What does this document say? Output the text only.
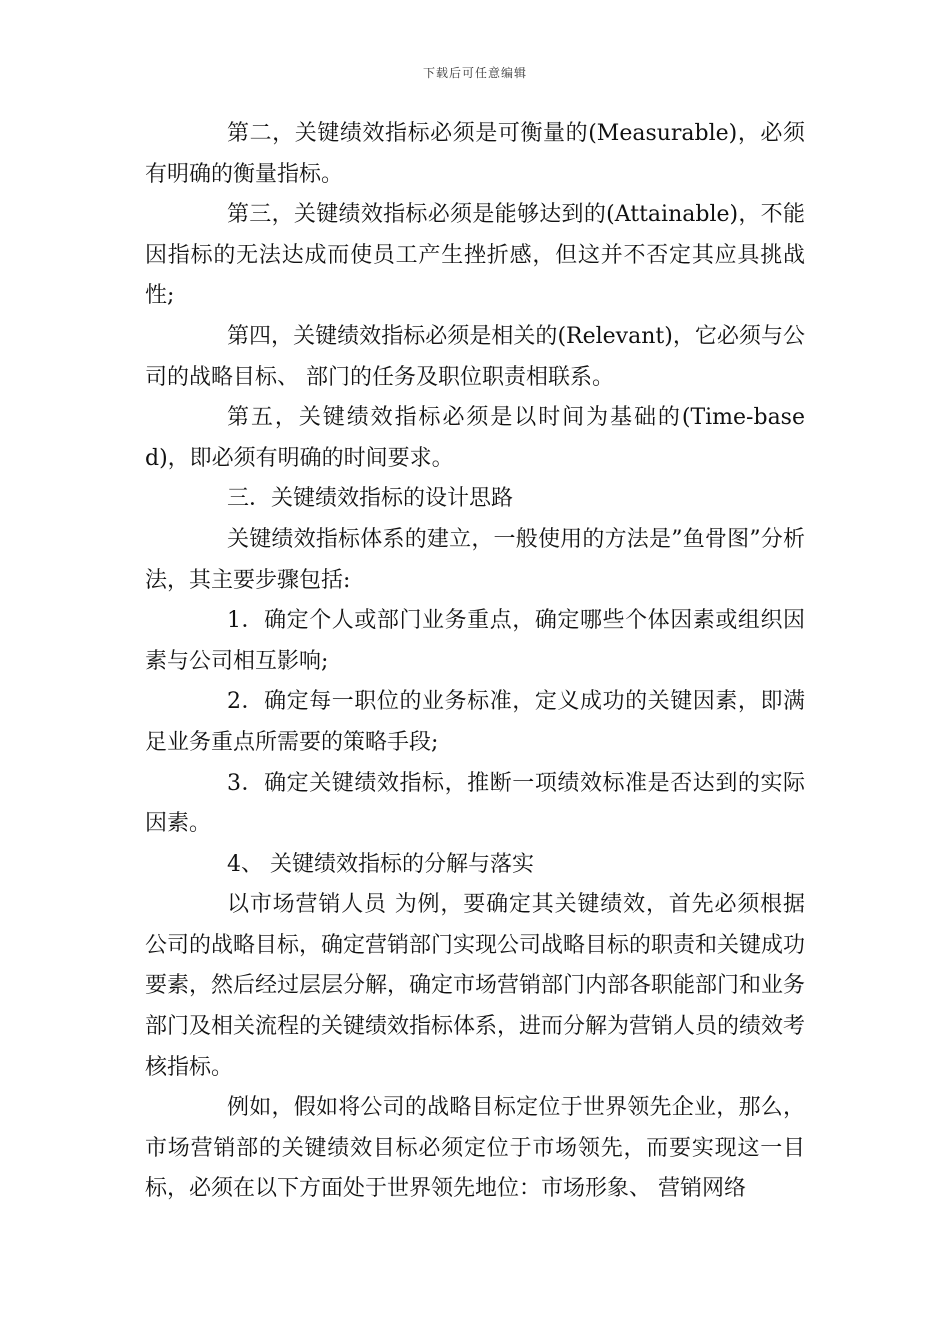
下载后可任意编辑

第二，关键绩效指标必须是可衡量的(Measurable)，必须有明确的衡量指标。

第三，关键绩效指标必须是能够达到的(Attainable)，不能因指标的无法达成而使员工产生挫折感，但这并不否定其应具挑战性;

第四，关键绩效指标必须是相关的(Relevant)，它必须与公司的战略目标、 部门的任务及职位职责相联系。

第五，关键绩效指标必须是以时间为基础的(Time-based)，即必须有明确的时间要求。

三．关键绩效指标的设计思路

关键绩效指标体系的建立，一般使用的方法是”鱼骨图”分析法，其主要步骤包括:

1．确定个人或部门业务重点，确定哪些个体因素或组织因素与公司相互影响;

2．确定每一职位的业务标准，定义成功的关键因素，即满足业务重点所需要的策略手段;

3．确定关键绩效指标，推断一项绩效标准是否达到的实际因素。

4、 关键绩效指标的分解与落实

以市场营销人员 为例，要确定其关键绩效，首先必须根据公司的战略目标，确定营销部门实现公司战略目标的职责和关键成功要素，然后经过层层分解，确定市场营销部门内部各职能部门和业务部门及相关流程的关键绩效指标体系，进而分解为营销人员的绩效考核指标。

例如，假如将公司的战略目标定位于世界领先企业，那么， 市场营销部的关键绩效目标必须定位于市场领先，而要实现这一目标，必须在以下方面处于世界领先地位：市场形象、 营销网络
